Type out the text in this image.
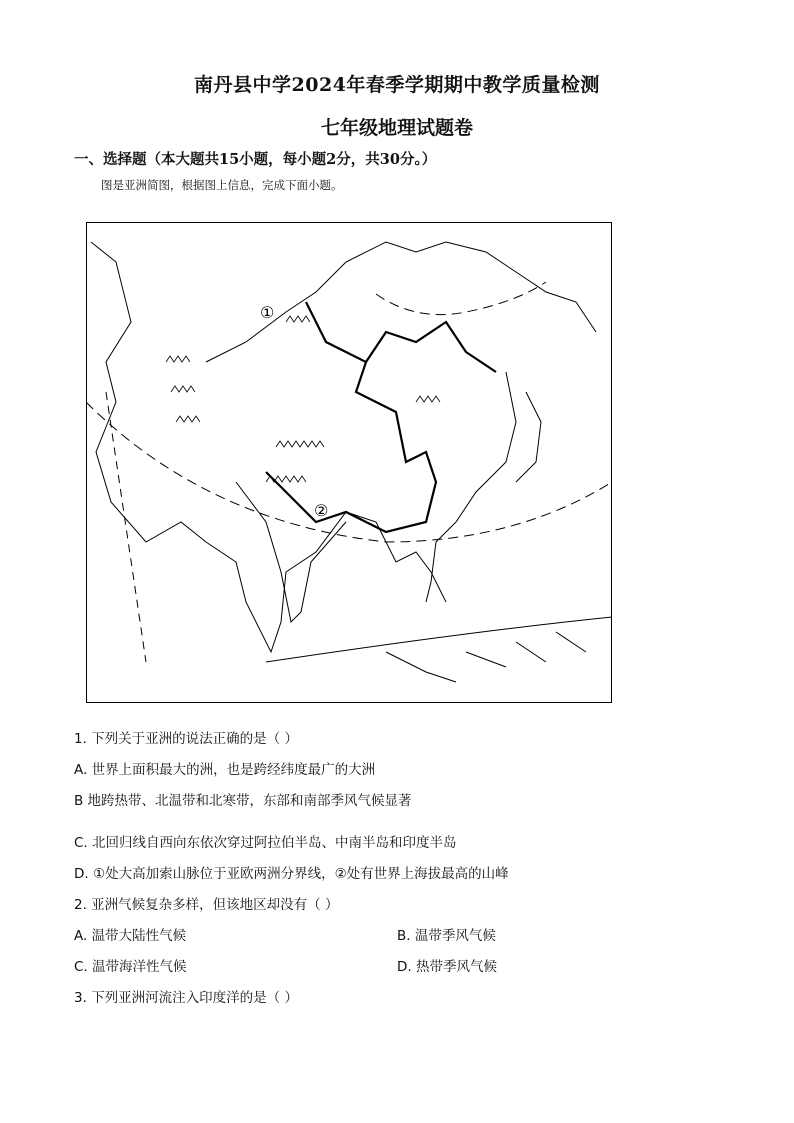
南丹县中学2024年春季学期期中教学质量检测
七年级地理试题卷
一、选择题（本大题共15小题，每小题2分，共30分。）
图是亚洲简图，根据图上信息，完成下面小题。
①
②
1. 下列关于亚洲的说法正确的是（ ）
A. 世界上面积最大的洲，也是跨经纬度最广的大洲
B 地跨热带、北温带和北寒带，东部和南部季风气候显著
C. 北回归线自西向东依次穿过阿拉伯半岛、中南半岛和印度半岛
D. ①处大高加索山脉位于亚欧两洲分界线，②处有世界上海拔最高的山峰
2. 亚洲气候复杂多样，但该地区却没有（ ）
A. 温带大陆性气候	B. 温带季风气候
C. 温带海洋性气候	D. 热带季风气候
3. 下列亚洲河流注入印度洋的是（ ）
